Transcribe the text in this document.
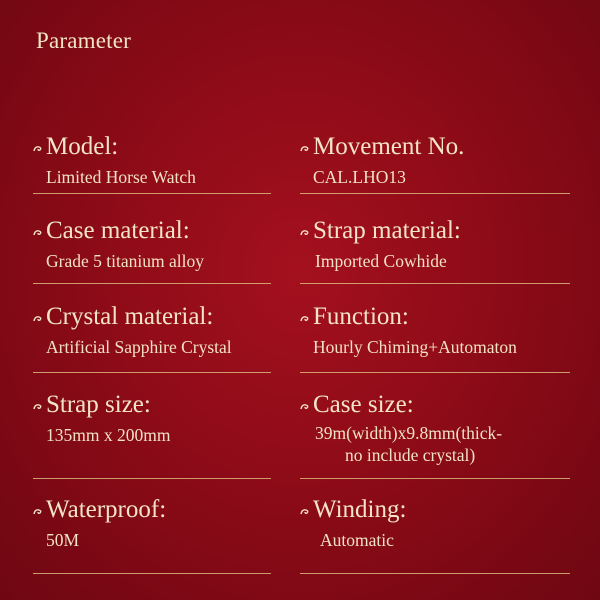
Parameter
Model:
Limited Horse Watch
Movement No.
CAL.LHO13
Case material:
Grade 5 titanium alloy
Strap material:
Imported Cowhide
Crystal material:
Artificial Sapphire Crystal
Function:
Hourly Chiming+Automaton
Strap size:
135mm x 200mm
Case size:
39m(width)x9.8mm(thick-
no include crystal)
Waterproof:
50M
Winding:
Automatic
